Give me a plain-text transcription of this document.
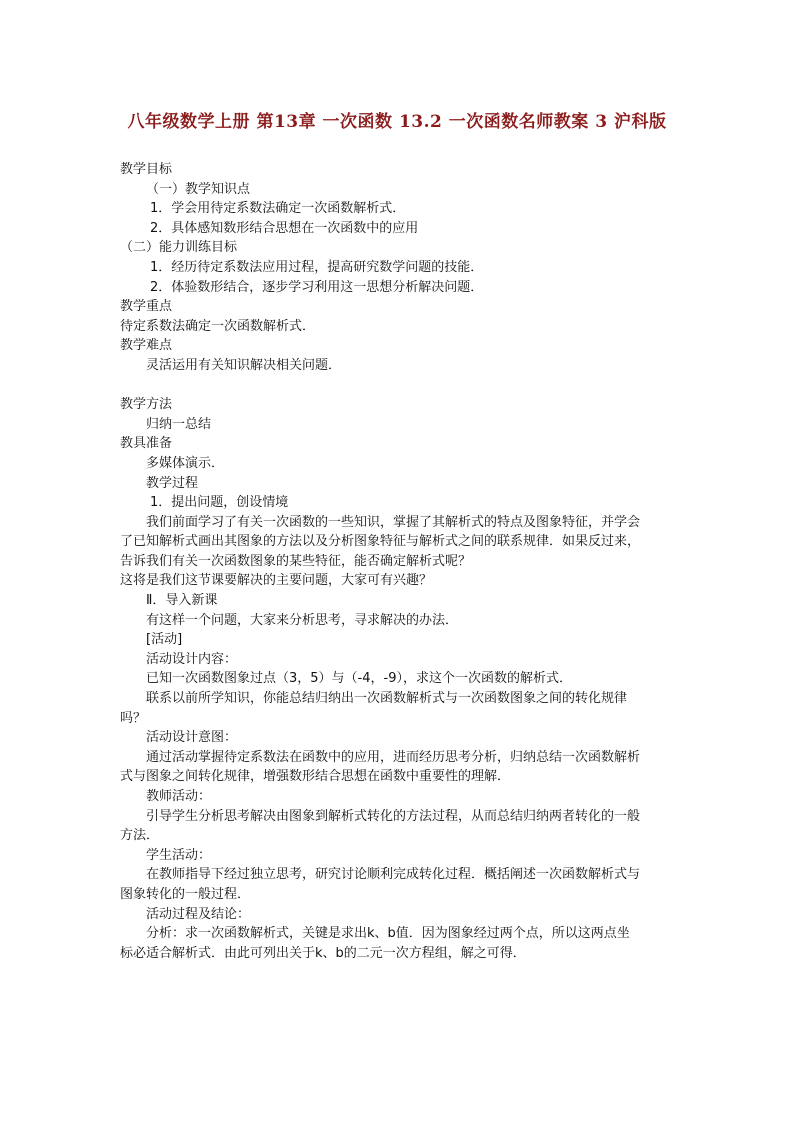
八年级数学上册 第13章 一次函数 13.2 一次函数名师教案 3 沪科版
教学目标
（一）教学知识点
1．学会用待定系数法确定一次函数解析式．
2．具体感知数形结合思想在一次函数中的应用
（二）能力训练目标
1．经历待定系数法应用过程，提高研究数学问题的技能．
2．体验数形结合，逐步学习利用这一思想分析解决问题．
教学重点
待定系数法确定一次函数解析式．
教学难点
灵活运用有关知识解决相关问题．
教学方法
归纳一总结
教具准备
多媒体演示．
教学过程
1．提出问题，创设情境
我们前面学习了有关一次函数的一些知识，掌握了其解析式的特点及图象特征，并学会
了已知解析式画出其图象的方法以及分析图象特征与解析式之间的联系规律．如果反过来，
告诉我们有关一次函数图象的某些特征，能否确定解析式呢？
这将是我们这节课要解决的主要问题，大家可有兴趣？
Ⅱ．导入新课
有这样一个问题，大家来分析思考，寻求解决的办法．
[活动]
活动设计内容：
已知一次函数图象过点（3，5）与（-4，-9），求这个一次函数的解析式．
联系以前所学知识，你能总结归纳出一次函数解析式与一次函数图象之间的转化规律
吗？
活动设计意图：
通过活动掌握待定系数法在函数中的应用，进而经历思考分析，归纳总结一次函数解析
式与图象之间转化规律，增强数形结合思想在函数中重要性的理解．
教师活动：
引导学生分析思考解决由图象到解析式转化的方法过程，从而总结归纳两者转化的一般
方法．
学生活动：
在教师指导下经过独立思考，研究讨论顺利完成转化过程．概括阐述一次函数解析式与
图象转化的一般过程．
活动过程及结论：
分析：求一次函数解析式，关键是求出k、b值．因为图象经过两个点，所以这两点坐
标必适合解析式．由此可列出关于k、b的二元一次方程组，解之可得．
